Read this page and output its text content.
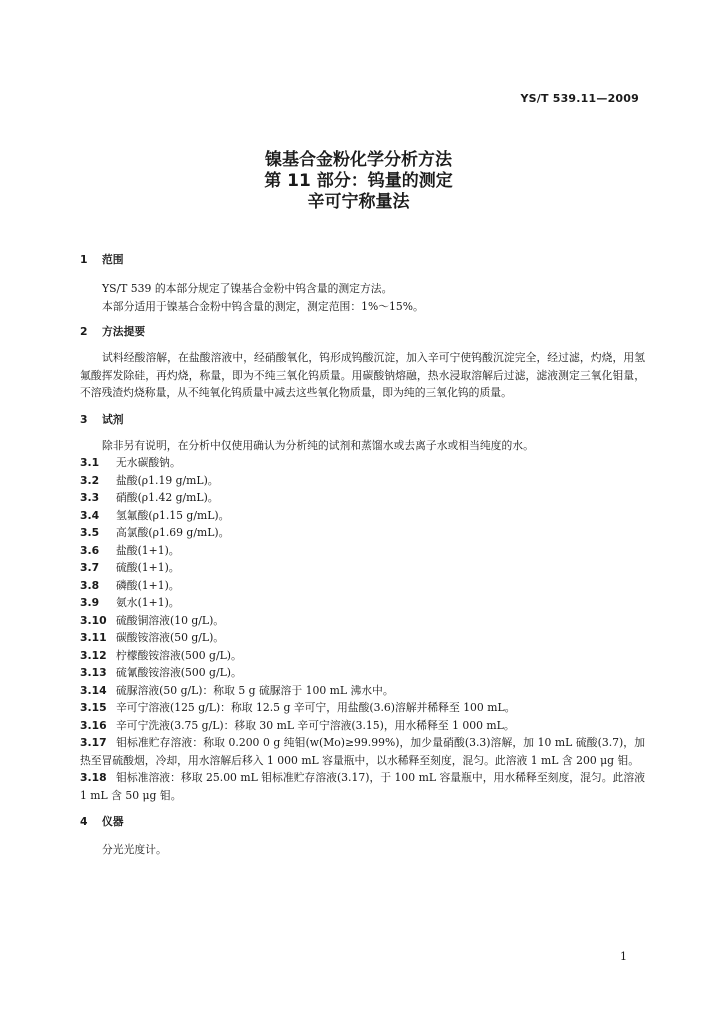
YS/T 539.11—2009

镍基合金粉化学分析方法

第 11 部分：钨量的测定

辛可宁称量法

1 范围
YS/T 539 的本部分规定了镍基合金粉中钨含量的测定方法。
本部分适用于镍基合金粉中钨含量的测定，测定范围：1%～15%。
2 方法提要
试料经酸溶解，在盐酸溶液中，经硝酸氧化，钨形成钨酸沉淀，加入辛可宁使钨酸沉淀完全，经过滤，灼烧，用氢氟酸挥发除硅，再灼烧，称量，即为不纯三氧化钨质量。用碳酸钠熔融，热水浸取溶解后过滤，滤液测定三氧化钼量，不溶残渣灼烧称量，从不纯氧化钨质量中减去这些氧化物质量，即为纯的三氧化钨的质量。
3 试剂
除非另有说明，在分析中仅使用确认为分析纯的试剂和蒸馏水或去离子水或相当纯度的水。
3.1 无水碳酸钠。
3.2 盐酸(ρ1.19 g/mL)。
3.3 硝酸(ρ1.42 g/mL)。
3.4 氢氟酸(ρ1.15 g/mL)。
3.5 高氯酸(ρ1.69 g/mL)。
3.6 盐酸(1+1)。
3.7 硫酸(1+1)。
3.8 磷酸(1+1)。
3.9 氨水(1+1)。
3.10 硫酸铜溶液(10 g/L)。
3.11 碳酸铵溶液(50 g/L)。
3.12 柠檬酸铵溶液(500 g/L)。
3.13 硫氰酸铵溶液(500 g/L)。
3.14 硫脲溶液(50 g/L)：称取 5 g 硫脲溶于 100 mL 沸水中。
3.15 辛可宁溶液(125 g/L)：称取 12.5 g 辛可宁，用盐酸(3.6)溶解并稀释至 100 mL。
3.16 辛可宁洗液(3.75 g/L)：移取 30 mL 辛可宁溶液(3.15)，用水稀释至 1 000 mL。
3.17 钼标准贮存溶液：称取 0.200 0 g 纯钼(w(Mo)≥99.99%)，加少量硝酸(3.3)溶解，加 10 mL 硫酸(3.7)，加热至冒硫酸烟，冷却，用水溶解后移入 1 000 mL 容量瓶中，以水稀释至刻度，混匀。此溶液 1 mL 含 200 μg 钼。
3.18 钼标准溶液：移取 25.00 mL 钼标准贮存溶液(3.17)，于 100 mL 容量瓶中，用水稀释至刻度，混匀。此溶液 1 mL 含 50 μg 钼。
4 仪器
分光光度计。
1
